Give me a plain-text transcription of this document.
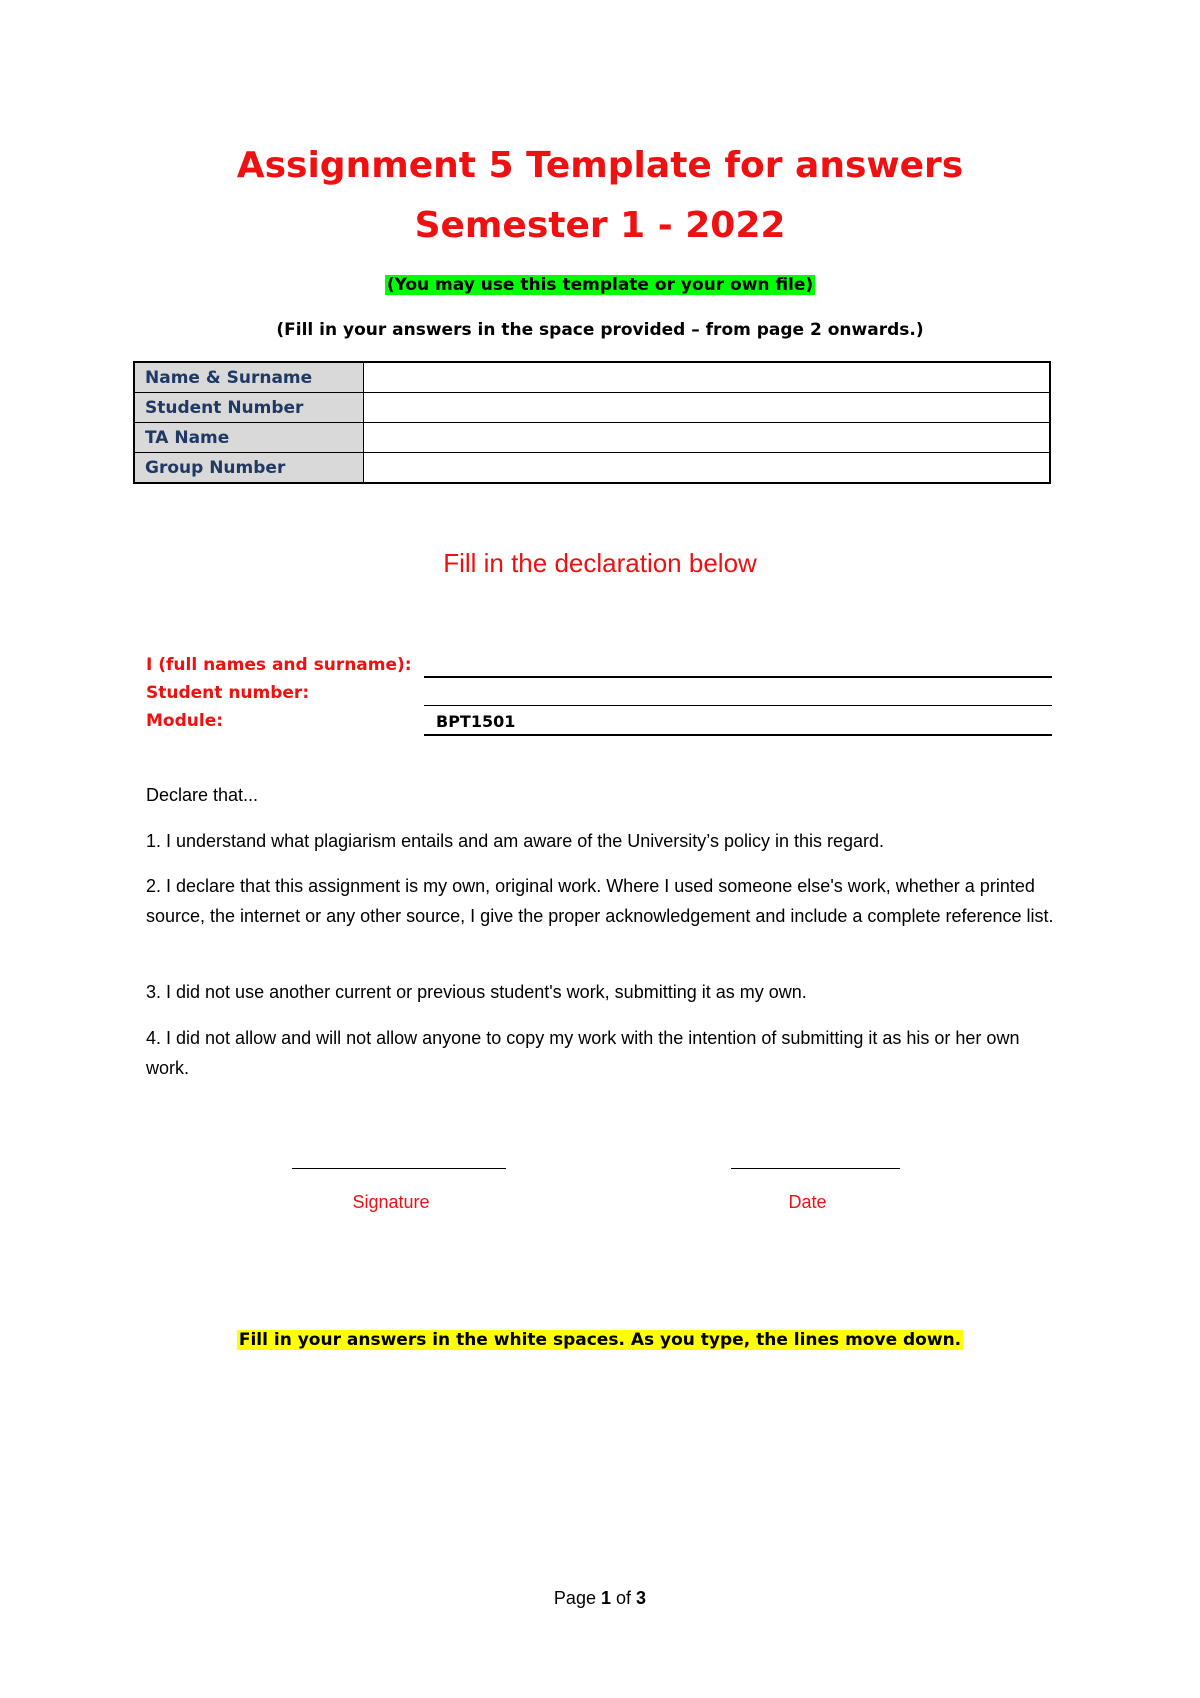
Assignment 5 Template for answers
Semester 1 - 2022
(You may use this template or your own file)
(Fill in your answers in the space provided – from page 2 onwards.)
Name & Surname	
Student Number	
TA Name	
Group Number	
Fill in the declaration below
I (full names and surname):
Student number:
Module:	BPT1501
Declare that...
1. I understand what plagiarism entails and am aware of the University’s policy in this regard.
2. I declare that this assignment is my own, original work. Where I used someone else's work, whether a printed source, the internet or any other source, I give the proper acknowledgement and include a complete reference list.
3. I did not use another current or previous student's work, submitting it as my own.
4. I did not allow and will not allow anyone to copy my work with the intention of submitting it as his or her own work.
Signature	Date
Fill in your answers in the white spaces. As you type, the lines move down.
Page 1 of 3
